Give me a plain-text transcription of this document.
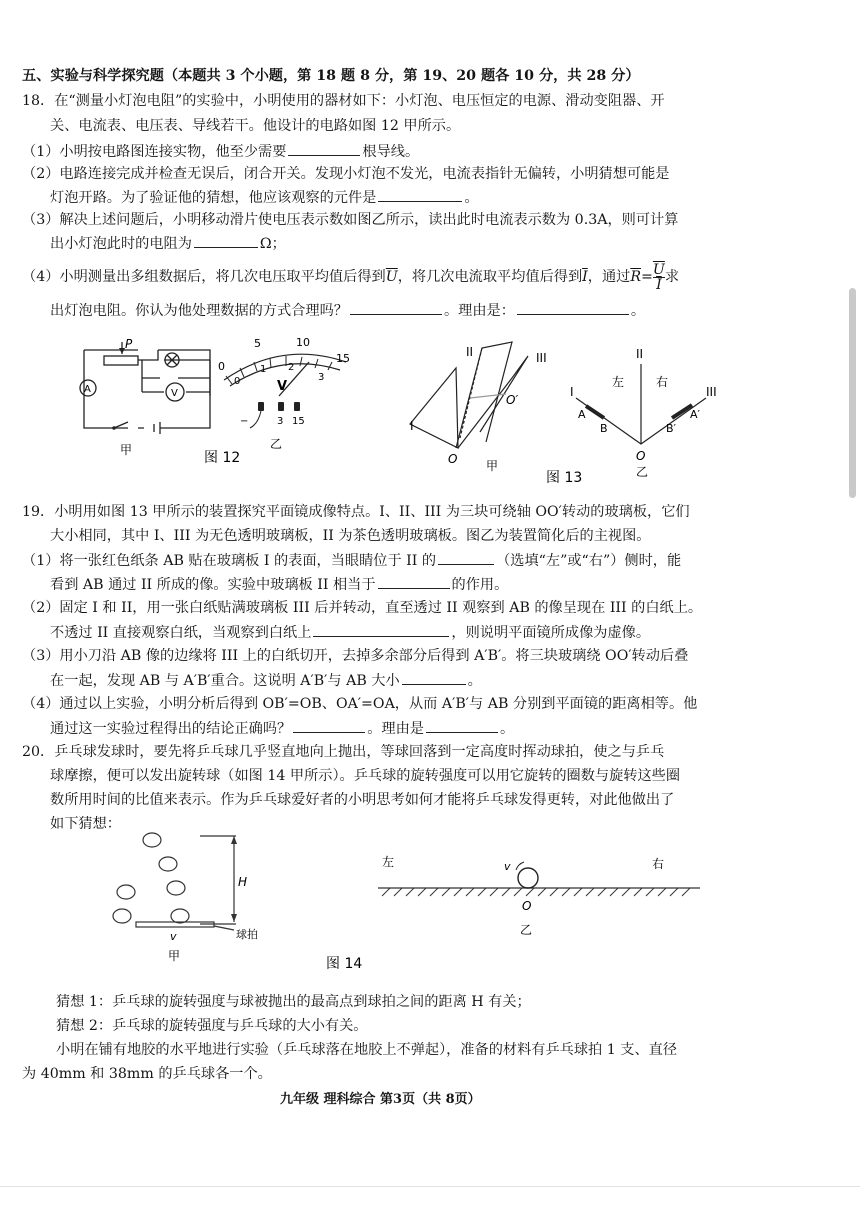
五、实验与科学探究题（本题共 3 个小题，第 18 题 8 分，第 19、20 题各 10 分，共 28 分）
18．在“测量小灯泡电阻”的实验中，小明使用的器材如下：小灯泡、电压恒定的电源、滑动变阻器、开
关、电流表、电压表、导线若干。他设计的电路如图 12 甲所示。
（1）小明按电路图连接实物，他至少需要	根导线。
（2）电路连接完成并检查无误后，闭合开关。发现小灯泡不发光，电流表指针无偏转，小明猜想可能是
灯泡开路。为了验证他的猜想，他应该观察的元件是	。
（3）解决上述问题后，小明移动滑片使电压表示数如图乙所示，读出此时电流表示数为 0.3A，则可计算
出小灯泡此时的电阻为	Ω；
（4）小明测量出多组数据后，将几次电压取平均值后得到$\overline{U}$，将几次电流取平均值后得到$\overline{I}$，通过$\overline{R}= \frac{\overline{U}}{I}$ 求
出灯泡电阻。你认为他处理数据的方式合理吗？	。理由是：	。
P
A	V
甲
5	10
15
0
0
1 2
3
V
−	3 15
乙
图 12
II	III
I
O
O′
甲
II
I	III
左	右
A
B
A′
B′
O
乙
图 13
19．小明用如图 13 甲所示的装置探究平面镜成像特点。I、II、III 为三块可绕轴 OO′转动的玻璃板，它们
大小相同，其中 I、III 为无色透明玻璃板，II 为茶色透明玻璃板。图乙为装置简化后的主视图。
（1）将一张红色纸条 AB 贴在玻璃板 I 的表面，当眼睛位于 II 的	（选填“左”或“右”）侧时，能
看到 AB 通过 II 所成的像。实验中玻璃板 II 相当于	的作用。
（2）固定 I 和 II，用一张白纸贴满玻璃板 III 后并转动，直至透过 II 观察到 AB 的像呈现在 III 的白纸上。
不透过 II 直接观察白纸，当观察到白纸上	，则说明平面镜所成像为虚像。
（3）用小刀沿 AB 像的边缘将 III 上的白纸切开，去掉多余部分后得到 A′B′。将三块玻璃绕 OO′转动后叠
在一起，发现 AB 与 A′B′重合。这说明 A′B′与 AB 大小	。
（4）通过以上实验，小明分析后得到 OB′=OB、OA′=OA，从而 A′B′与 AB 分别到平面镜的距离相等。他
通过这一实验过程得出的结论正确吗？	。理由是	。
20．乒乓球发球时，要先将乒乓球几乎竖直地向上抛出，等球回落到一定高度时挥动球拍，使之与乒乓
球摩擦，便可以发出旋转球（如图 14 甲所示）。乒乓球的旋转强度可以用它旋转的圈数与旋转这些圈
数所用时间的比值来表示。作为乒乓球爱好者的小明思考如何才能将乒乓球发得更转，对此他做出了
如下猜想：
H
球拍
v
甲
v
左	右
O
乙
图 14
猜想 1：乒乓球的旋转强度与球被抛出的最高点到球拍之间的距离 H 有关；
猜想 2：乒乓球的旋转强度与乒乓球的大小有关。
小明在铺有地胶的水平地进行实验（乒乓球落在地胶上不弹起），准备的材料有乒乓球拍 1 支、直径
为 40mm 和 38mm 的乒乓球各一个。
九年级 理科综合 第3页（共 8页）
